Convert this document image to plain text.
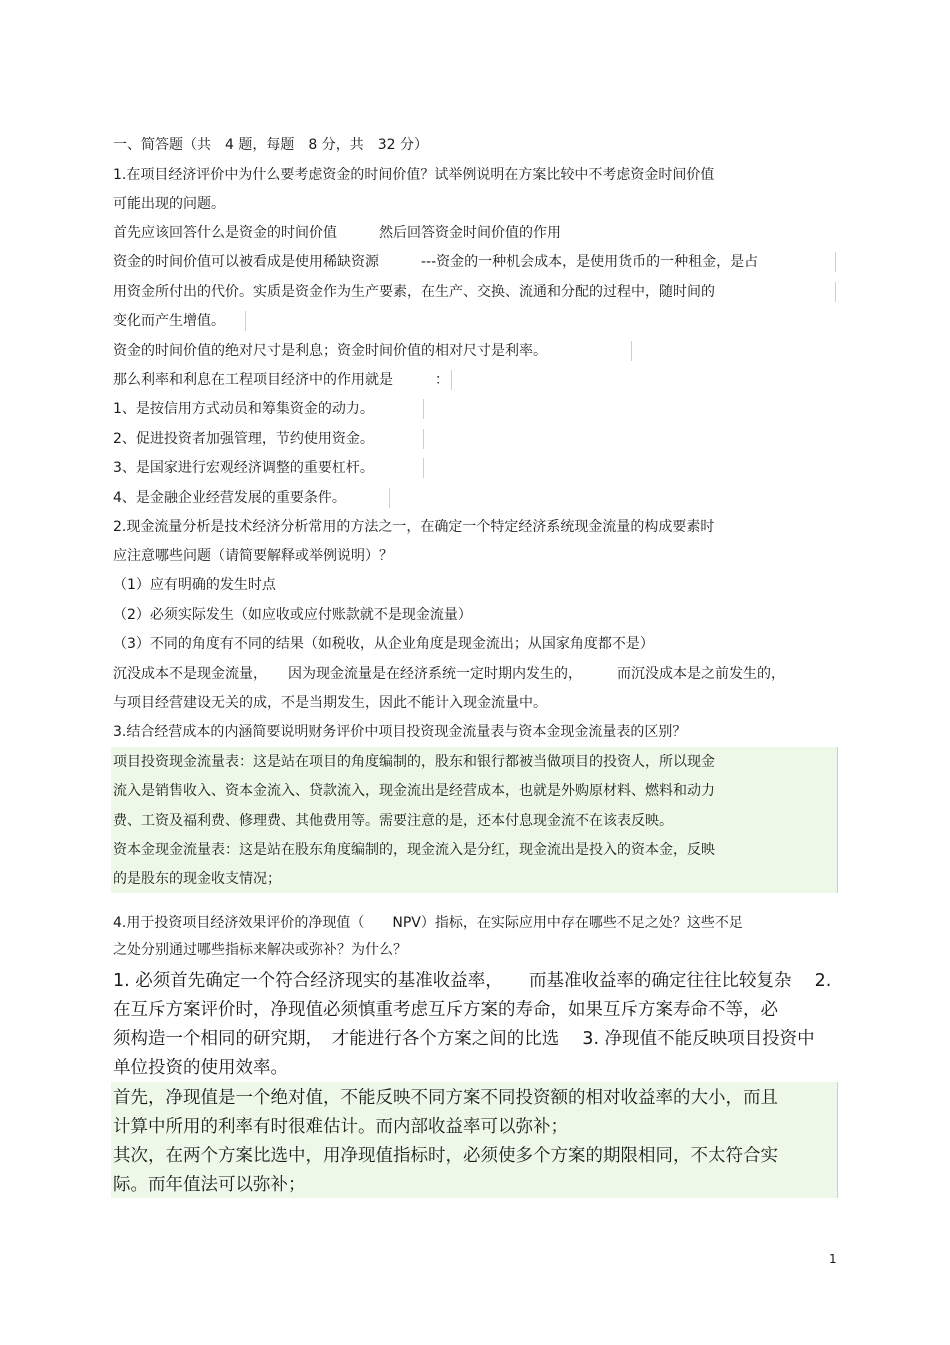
一、简答题（共　4 题，每题　8 分，共　32 分）
1.在项目经济评价中为什么要考虑资金的时间价值？试举例说明在方案比较中不考虑资金时间价值
可能出现的问题。
首先应该回答什么是资金的时间价值　　　然后回答资金时间价值的作用
资金的时间价值可以被看成是使用稀缺资源　　　---资金的一种机会成本，是使用货币的一种租金，是占
用资金所付出的代价。实质是资金作为生产要素，在生产、交换、流通和分配的过程中，随时间的
变化而产生增值。
资金的时间价值的绝对尺寸是利息；资金时间价值的相对尺寸是利率。
那么利率和利息在工程项目经济中的作用就是　　　：
1、是按信用方式动员和筹集资金的动力。
2、促进投资者加强管理，节约使用资金。
3、是国家进行宏观经济调整的重要杠杆。
4、是金融企业经营发展的重要条件。
2.现金流量分析是技术经济分析常用的方法之一，在确定一个特定经济系统现金流量的构成要素时
应注意哪些问题（请简要解释或举例说明）？
（1）应有明确的发生时点
（2）必须实际发生（如应收或应付账款就不是现金流量）
（3）不同的角度有不同的结果（如税收，从企业角度是现金流出；从国家角度都不是）
沉没成本不是现金流量，　　因为现金流量是在经济系统一定时期内发生的，　　　而沉没成本是之前发生的，
与项目经营建设无关的成，不是当期发生，因此不能计入现金流量中。
3.结合经营成本的内涵简要说明财务评价中项目投资现金流量表与资本金现金流量表的区别？
项目投资现金流量表：这是站在项目的角度编制的，股东和银行都被当做项目的投资人，所以现金
流入是销售收入、资本金流入、贷款流入，现金流出是经营成本，也就是外购原材料、燃料和动力
费、工资及福利费、修理费、其他费用等。需要注意的是，还本付息现金流不在该表反映。
资本金现金流量表：这是站在股东角度编制的，现金流入是分红，现金流出是投入的资本金，反映
的是股东的现金收支情况；
4.用于投资项目经济效果评价的净现值（　　NPV）指标，在实际应用中存在哪些不足之处？这些不足
之处分别通过哪些指标来解决或弥补？为什么？
1. 必须首先确定一个符合经济现实的基准收益率，　　而基准收益率的确定往往比较复杂　 2.
在互斥方案评价时，净现值必须慎重考虑互斥方案的寿命，如果互斥方案寿命不等，必
须构造一个相同的研究期，　才能进行各个方案之间的比选　 3. 净现值不能反映项目投资中
单位投资的使用效率。
首先，净现值是一个绝对值，不能反映不同方案不同投资额的相对收益率的大小，而且
计算中所用的利率有时很难估计。而内部收益率可以弥补；
其次，在两个方案比选中，用净现值指标时，必须使多个方案的期限相同，不太符合实
际。而年值法可以弥补；
1
